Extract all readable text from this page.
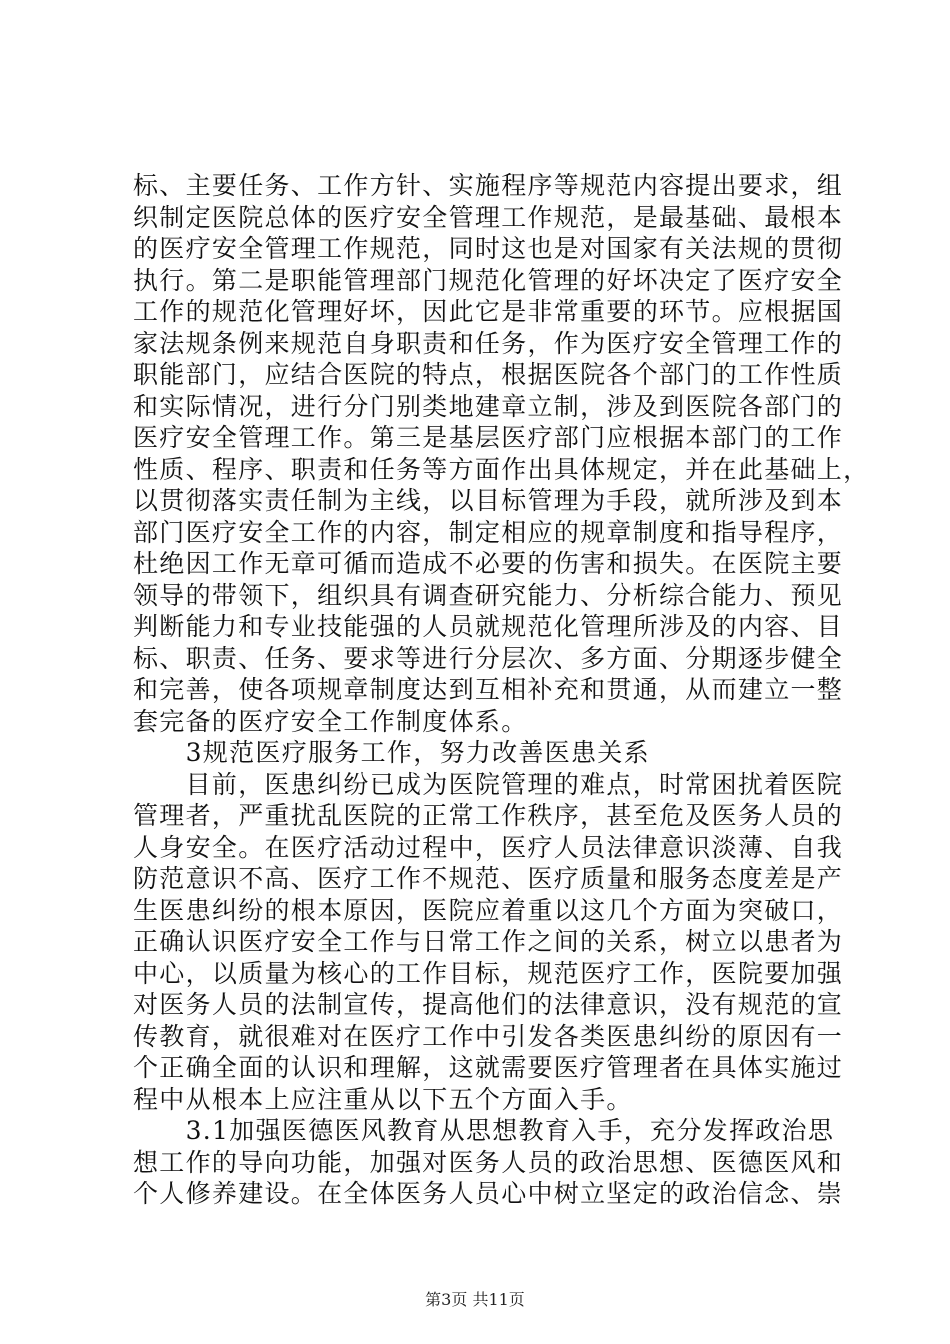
标、主要任务、工作方针、实施程序等规范内容提出要求，组
织制定医院总体的医疗安全管理工作规范，是最基础、最根本
的医疗安全管理工作规范，同时这也是对国家有关法规的贯彻
执行。第二是职能管理部门规范化管理的好坏决定了医疗安全
工作的规范化管理好坏，因此它是非常重要的环节。应根据国
家法规条例来规范自身职责和任务，作为医疗安全管理工作的
职能部门，应结合医院的特点，根据医院各个部门的工作性质
和实际情况，进行分门别类地建章立制，涉及到医院各部门的
医疗安全管理工作。第三是基层医疗部门应根据本部门的工作
性质、程序、职责和任务等方面作出具体规定，并在此基础上，
以贯彻落实责任制为主线，以目标管理为手段，就所涉及到本
部门医疗安全工作的内容，制定相应的规章制度和指导程序，
杜绝因工作无章可循而造成不必要的伤害和损失。在医院主要
领导的带领下，组织具有调查研究能力、分析综合能力、预见
判断能力和专业技能强的人员就规范化管理所涉及的内容、目
标、职责、任务、要求等进行分层次、多方面、分期逐步健全
和完善，使各项规章制度达到互相补充和贯通，从而建立一整
套完备的医疗安全工作制度体系。
　　3规范医疗服务工作，努力改善医患关系
　　目前，医患纠纷已成为医院管理的难点，时常困扰着医院
管理者，严重扰乱医院的正常工作秩序，甚至危及医务人员的
人身安全。在医疗活动过程中，医疗人员法律意识淡薄、自我
防范意识不高、医疗工作不规范、医疗质量和服务态度差是产
生医患纠纷的根本原因，医院应着重以这几个方面为突破口，
正确认识医疗安全工作与日常工作之间的关系，树立以患者为
中心，以质量为核心的工作目标，规范医疗工作，医院要加强
对医务人员的法制宣传，提高他们的法律意识，没有规范的宣
传教育，就很难对在医疗工作中引发各类医患纠纷的原因有一
个正确全面的认识和理解，这就需要医疗管理者在具体实施过
程中从根本上应注重从以下五个方面入手。
　　3.1加强医德医风教育从思想教育入手，充分发挥政治思
想工作的导向功能，加强对医务人员的政治思想、医德医风和
个人修养建设。在全体医务人员心中树立坚定的政治信念、崇
第3页 共11页
